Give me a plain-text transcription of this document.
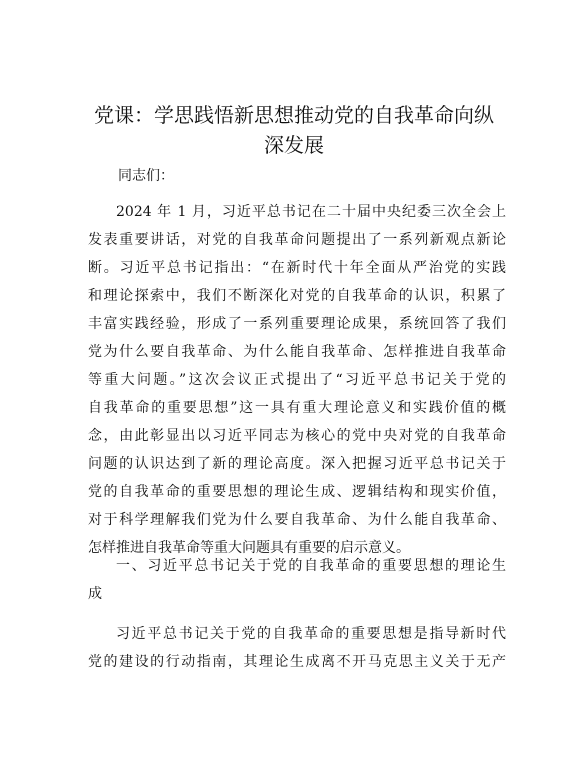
党课：学思践悟新思想推动党的自我革命向纵
深发展
同志们：
2024 年 1 月，习近平总书记在二十届中央纪委三次全会上
发表重要讲话，对党的自我革命问题提出了一系列新观点新论
断。习近平总书记指出：“在新时代十年全面从严治党的实践
和理论探索中，我们不断深化对党的自我革命的认识，积累了
丰富实践经验，形成了一系列重要理论成果，系统回答了我们
党为什么要自我革命、为什么能自我革命、怎样推进自我革命
等重大问题。”这次会议正式提出了“习近平总书记关于党的
自我革命的重要思想”这一具有重大理论意义和实践价值的概
念，由此彰显出以习近平同志为核心的党中央对党的自我革命
问题的认识达到了新的理论高度。深入把握习近平总书记关于
党的自我革命的重要思想的理论生成、逻辑结构和现实价值，
对于科学理解我们党为什么要自我革命、为什么能自我革命、
怎样推进自我革命等重大问题具有重要的启示意义。
一、习近平总书记关于党的自我革命的重要思想的理论生
成
习近平总书记关于党的自我革命的重要思想是指导新时代
党的建设的行动指南，其理论生成离不开马克思主义关于无产
